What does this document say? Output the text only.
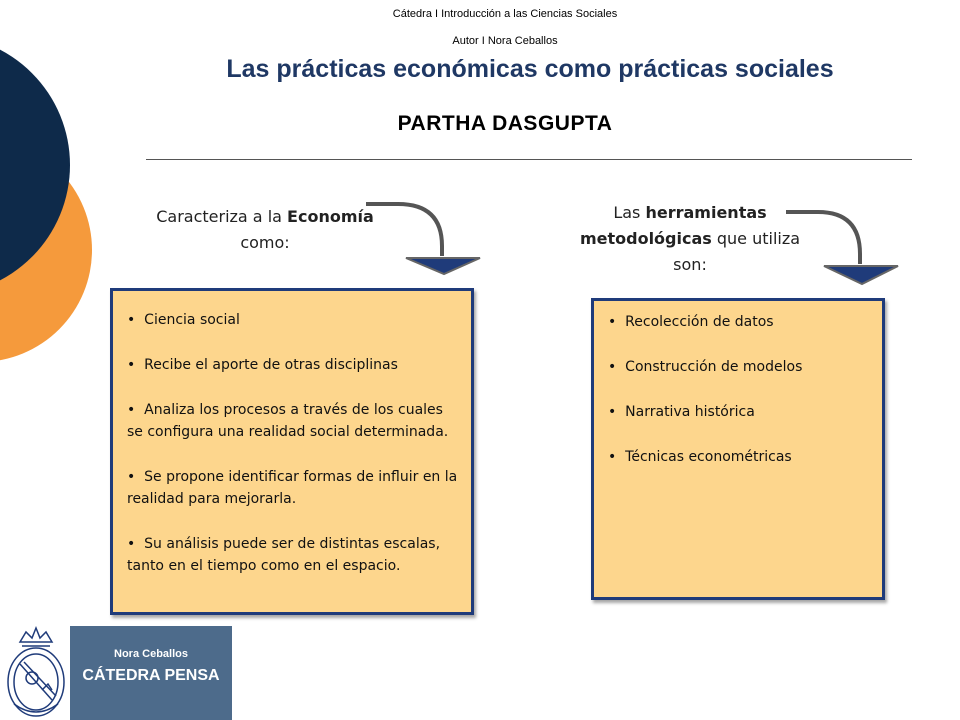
Cátedra I Introducción a las Ciencias Sociales
Autor I Nora Ceballos
Las prácticas económicas como prácticas sociales
PARTHA DASGUPTA
Caracteriza a la Economía
como:
Las herramientas
metodológicas que utiliza
son:
•  Ciencia social
•  Recibe el aporte de otras disciplinas
•  Analiza los procesos a través de los cuales se configura una realidad social determinada.
•  Se propone identificar formas de influir en la realidad para mejorarla.
•  Su análisis puede ser de distintas escalas, tanto en el tiempo como en el espacio.
•  Recolección de datos
•  Construcción de modelos
•  Narrativa histórica
•  Técnicas econométricas
Nora Ceballos
CÁTEDRA PENSA
